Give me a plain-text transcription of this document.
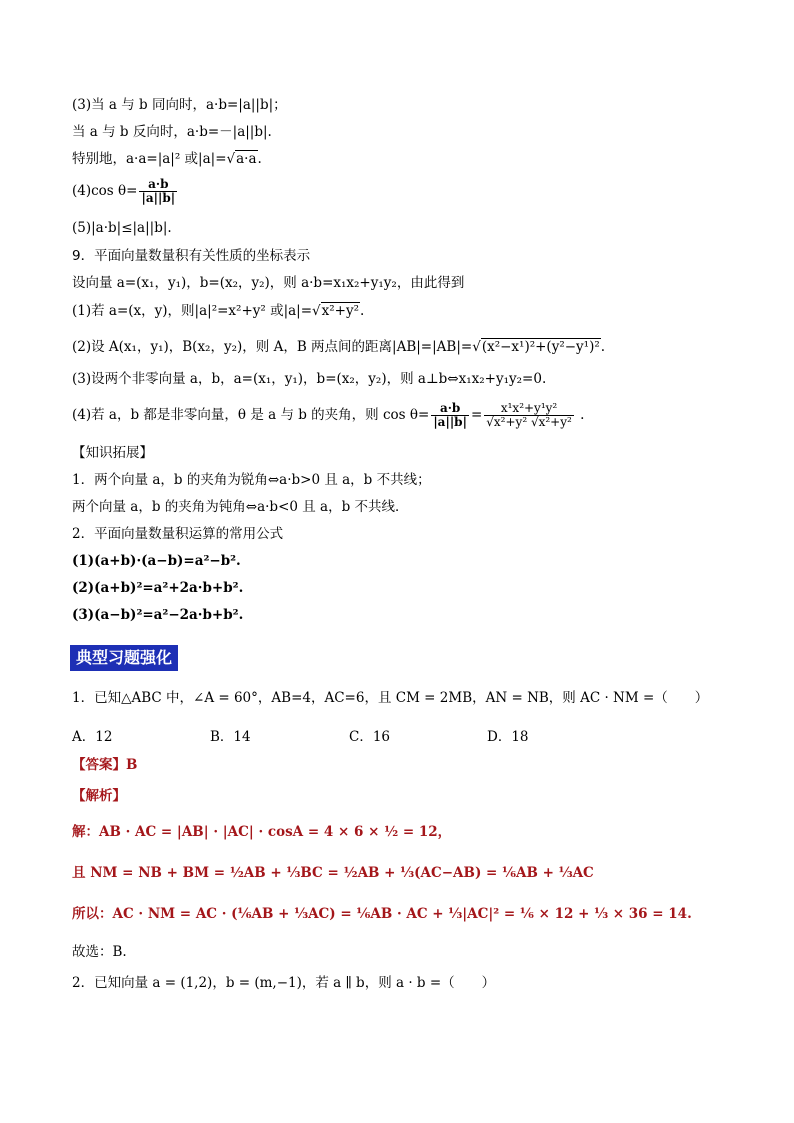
(3)当 a 与 b 同向时，a·b=|a||b|；
当 a 与 b 反向时，a·b=－|a||b|.
特别地，a·a=|a|² 或|a|=√a·a.
(4)cos $\theta= \frac{a\cdot b}{|a||b|}$
(5)|a·b|≤|a||b|.
9．平面向量数量积有关性质的坐标表示
设向量 a=(x₁，y₁)，b=(x₂，y₂)，则 a·b=x₁x₂+y₁y₂，由此得到
(1)若 a=(x，y)，则|a|²=x²+y² 或|a|=√x²+y².
(2)设 A(x₁，y₁)，B(x₂，y₂)，则 A，B 两点间的距离|AB|=|AB|=√(x²−x¹)²+(y²−y¹)².
(3)设两个非零向量 a，b，a=(x₁，y₁)，b=(x₂，y₂)，则 a⊥b⇔x₁x₂+y₁y₂=0.
(4)若 a，b 都是非零向量，θ 是 a 与 b 的夹角，则 $\cos \theta= \frac{a\cdot b}{|a||b|} = \frac{\text{x¹x²+y¹y²}}{\text{√x²+y² √x²+y²}}$ .
【知识拓展】
1．两个向量 a，b 的夹角为锐角⇔a·b>0 且 a，b 不共线；
两个向量 a，b 的夹角为钝角⇔a·b<0 且 a，b 不共线．
2．平面向量数量积运算的常用公式
(1)(a+b)·(a−b)=a²−b².
(2)(a+b)²=a²+2a·b+b².
(3)(a−b)²=a²−2a·b+b².
典型习题强化
1．已知△ABC 中，∠A = 60°，AB=4，AC=6，且 CM = 2MB，AN = NB，则 AC · NM =（　　）
A．12	B．14	C．16	D．18
【答案】B
【解析】
解：AB · AC = |AB| · |AC| · cosA = 4 × 6 × ½ = 12，
且 NM = NB + BM = ½AB + ⅓BC = ½AB + ⅓(AC−AB) = ⅙AB + ⅓AC
所以：AC · NM = AC · (⅙AB + ⅓AC) = ⅙AB · AC + ⅓|AC|² = ⅙ × 12 + ⅓ × 36 = 14.
故选：B.
2．已知向量 a = (1,2)，b = (m,−1)，若 a ∥ b，则 a · b =（　　）
